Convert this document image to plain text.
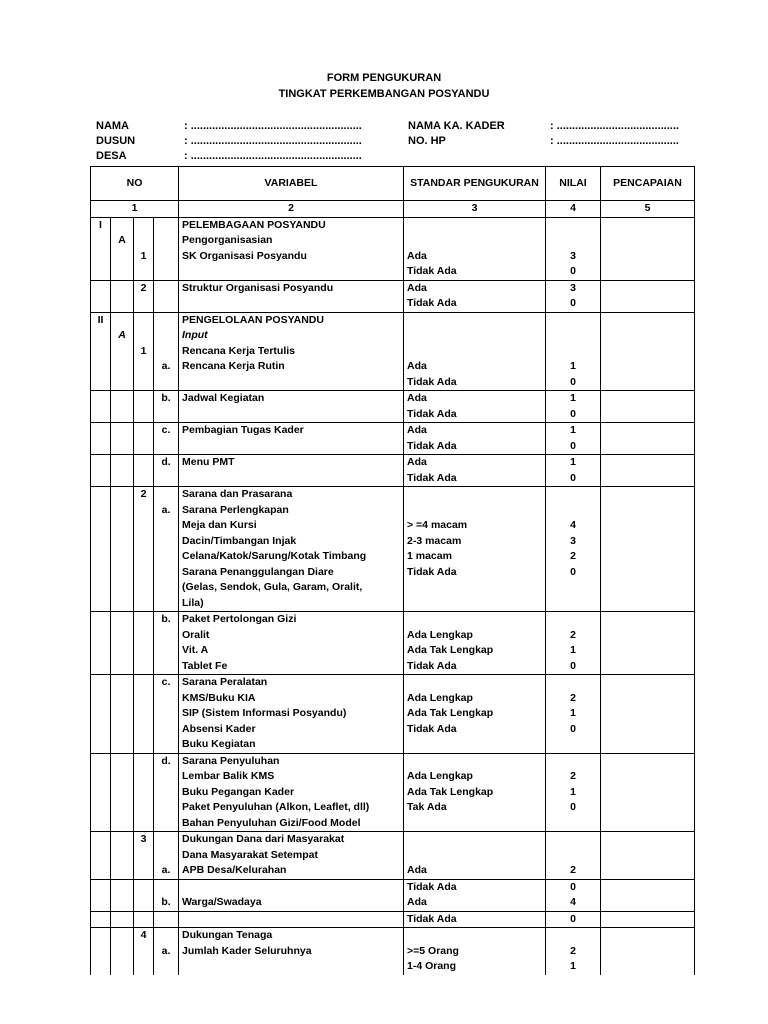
FORM PENGUKURAN
TINGKAT PERKEMBANGAN POSYANDU
NAMA	: ........................................................
DUSUN	: ........................................................
DESA	: ........................................................
NAMA KA. KADER	: ........................................
NO. HP	: ........................................
NO				VARIABEL	STANDAR PENGUKURAN	NILAI	PENCAPAIAN
1				2	3	4	5
I				PELEMBAGAAN POSYANDU			
	A			Pengorganisasian			
		1		SK Organisasi Posyandu	Ada	3	
					Tidak Ada	0	
		2		Struktur Organisasi Posyandu	Ada	3	
					Tidak Ada	0	
II				PENGELOLAAN POSYANDU			
	A			Input			
		1		Rencana Kerja Tertulis			
			a.	Rencana Kerja Rutin	Ada	1	
					Tidak Ada	0	
			b.	Jadwal Kegiatan	Ada	1	
					Tidak Ada	0	
			c.	Pembagian Tugas Kader	Ada	1	
					Tidak Ada	0	
			d.	Menu PMT	Ada	1	
					Tidak Ada	0	
		2		Sarana dan Prasarana			
			a.	Sarana Perlengkapan			
				Meja dan Kursi	> =4 macam	4	
				Dacin/Timbangan Injak	2-3 macam	3	
				Celana/Katok/Sarung/Kotak Timbang	1 macam	2	
				Sarana Penanggulangan Diare	Tidak Ada	0	
				(Gelas, Sendok, Gula, Garam, Oralit,			
				Lila)			
			b.	Paket Pertolongan Gizi			
				Oralit	Ada Lengkap	2	
				Vit. A	Ada Tak Lengkap	1	
				Tablet Fe	Tidak Ada	0	
			c.	Sarana Peralatan			
				KMS/Buku KIA	Ada Lengkap	2	
				SIP (Sistem Informasi Posyandu)	Ada Tak Lengkap	1	
				Absensi Kader	Tidak Ada	0	
				Buku Kegiatan			
			d.	Sarana Penyuluhan			
				Lembar Balik KMS	Ada Lengkap	2	
				Buku Pegangan Kader	Ada Tak Lengkap	1	
				Paket Penyuluhan (Alkon, Leaflet, dll)	Tak Ada	0	
				Bahan Penyuluhan Gizi/Food Model			
		3		Dukungan Dana dari Masyarakat			
				Dana Masyarakat Setempat			
			a.	APB Desa/Kelurahan	Ada	2	
					Tidak Ada	0	
			b.	Warga/Swadaya	Ada	4	
					Tidak Ada	0	
		4		Dukungan Tenaga			
			a.	Jumlah Kader Seluruhnya	>=5 Orang	2	
					1-4 Orang	1	
